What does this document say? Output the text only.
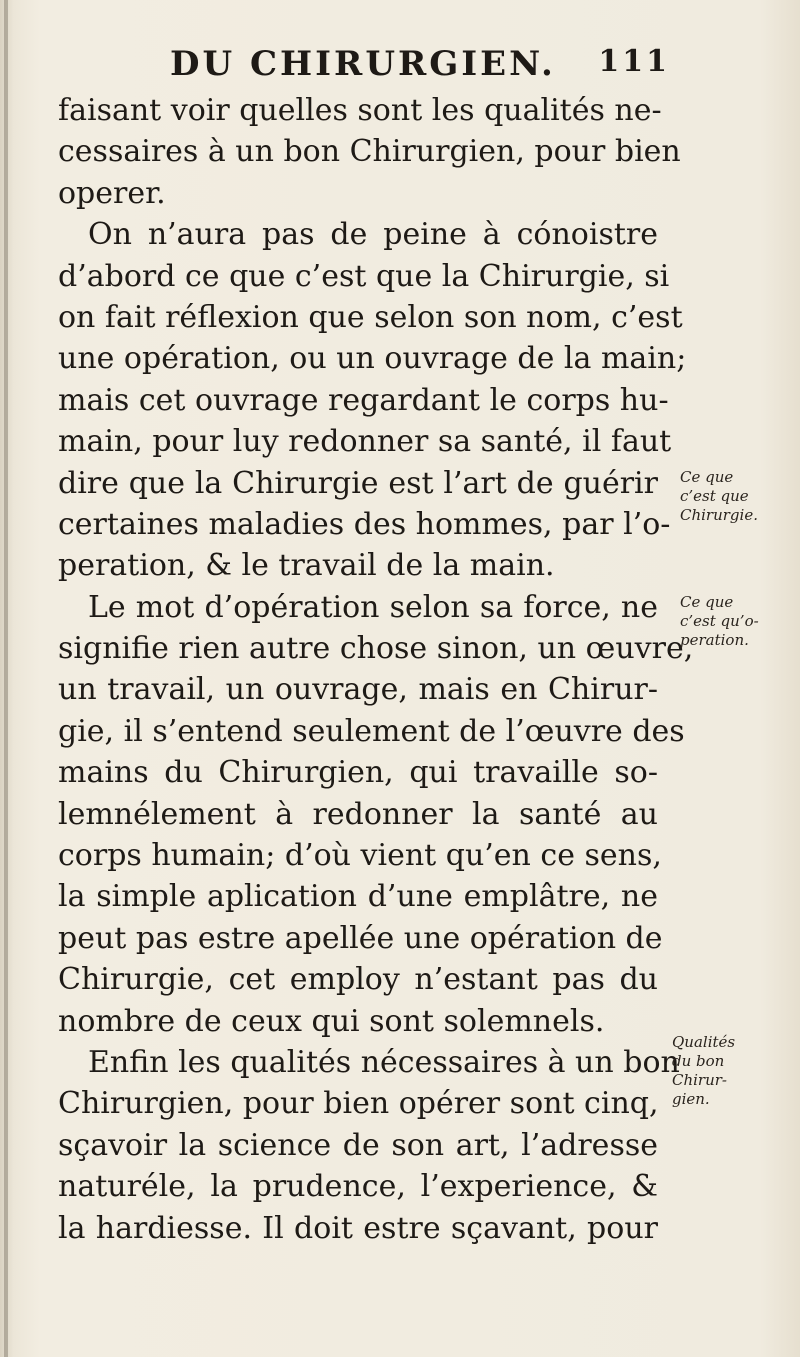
DU CHIRURGIEN. 111
faisant voir quelles sont les qualités ne-
cessaires à un bon Chirurgien, pour bien
operer.
On n’aura pas de peine à cónoistre
d’abord ce que c’est que la Chirurgie, si
on fait réflexion que selon son nom, c’est
une opération, ou un ouvrage de la main;
mais cet ouvrage regardant le corps hu-
main, pour luy redonner sa santé, il faut
dire que la Chirurgie est l’art de guérir
certaines maladies des hommes, par l’o-
peration, & le travail de la main.
Le mot d’opération selon sa force, ne
signifie rien autre chose sinon, un œuvre,
un travail, un ouvrage, mais en Chirur-
gie, il s’entend seulement de l’œuvre des
mains du Chirurgien, qui travaille so-
lemnélement à redonner la santé au
corps humain; d’où vient qu’en ce sens,
la simple aplication d’une emplâtre, ne
peut pas estre apellée une opération de
Chirurgie, cet employ n’estant pas du
nombre de ceux qui sont solemnels.
Enfin les qualités nécessaires à un bon
Chirurgien, pour bien opérer sont cinq,
sçavoir la science de son art, l’adresse
naturéle, la prudence, l’experience, &
la hardiesse. Il doit estre sçavant, pour
Ce que
c’est que
Chirurgie.
Ce que
c’est qu’o-
peration.
Qualités
du bon
Chirur-
gien.
